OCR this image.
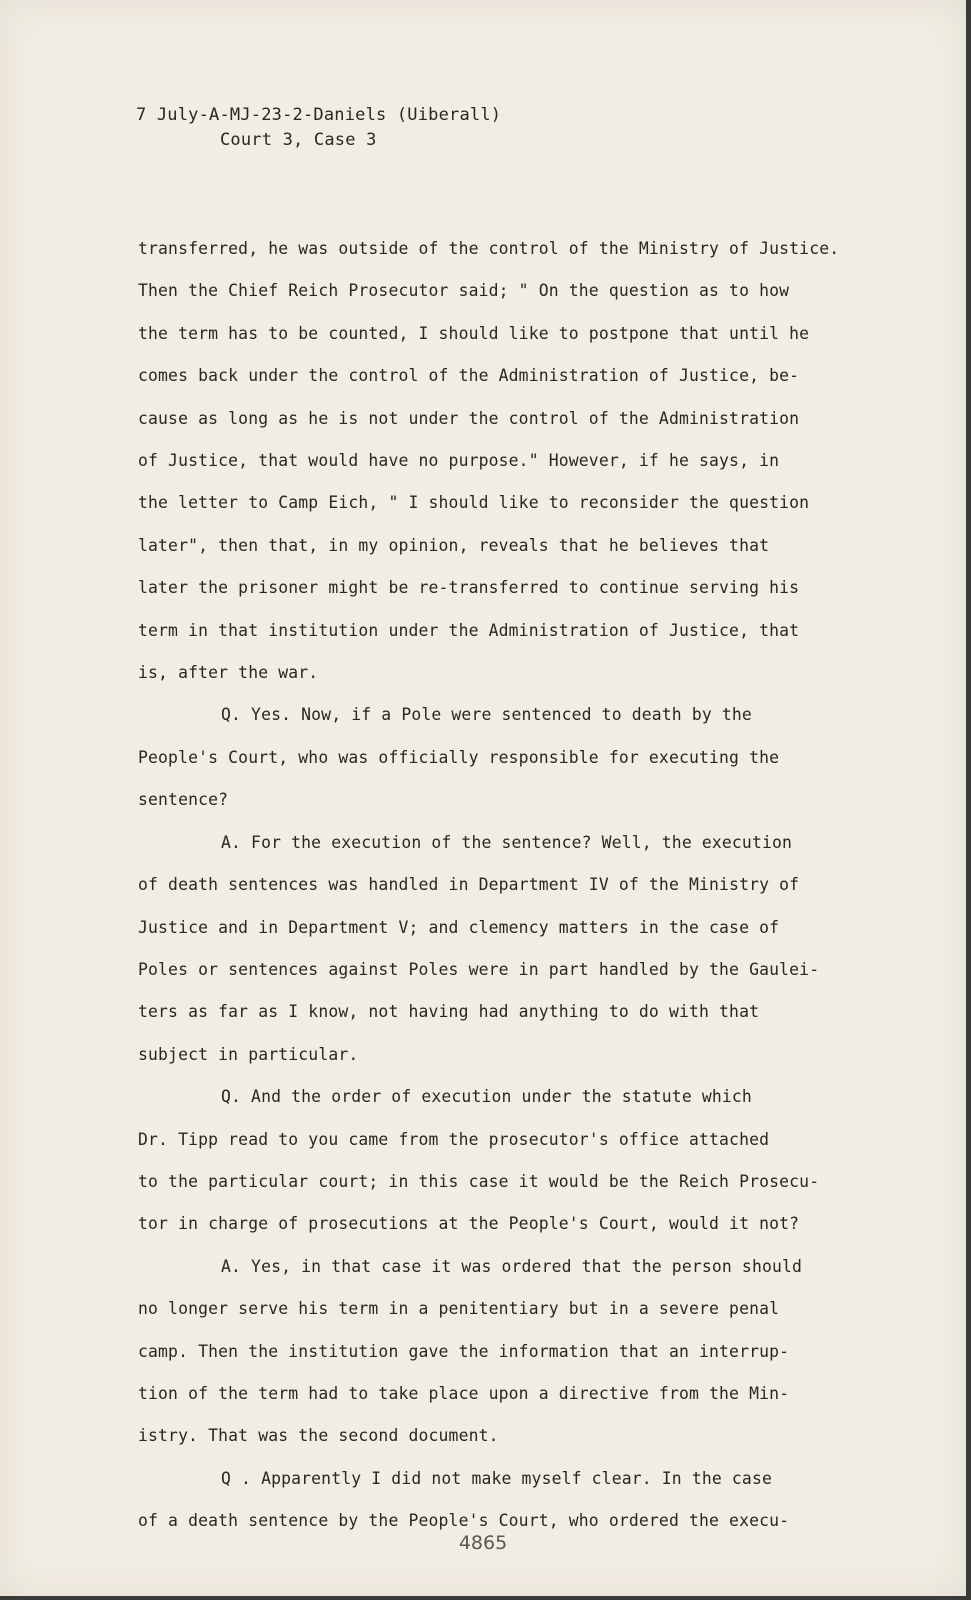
7 July-A-MJ-23-2-Daniels (Uiberall)
Court 3, Case 3
transferred, he was outside of the control of the Ministry of Justice.
Then the Chief Reich Prosecutor said; " On the question as to how
the term has to be counted, I should like to postpone that until he
comes back under the control of the Administration of Justice, be-
cause as long as he is not under the control of the Administration
of Justice, that would have no purpose." However, if he says, in
the letter to Camp Eich, " I should like to reconsider the question
later", then that, in my opinion, reveals that he believes that
later the prisoner might be re-transferred to continue serving his
term in that institution under the Administration of Justice, that
is, after the war.
Q. Yes. Now, if a Pole were sentenced to death by the
People's Court, who was officially responsible for executing the
sentence?
A. For the execution of the sentence? Well, the execution
of death sentences was handled in Department IV of the Ministry of
Justice and in Department V; and clemency matters in the case of
Poles or sentences against Poles were in part handled by the Gaulei-
ters as far as I know, not having had anything to do with that
subject in particular.
Q. And the order of execution under the statute which
Dr. Tipp read to you came from the prosecutor's office attached
to the particular court; in this case it would be the Reich Prosecu-
tor in charge of prosecutions at the People's Court, would it not?
A. Yes, in that case it was ordered that the person should
no longer serve his term in a penitentiary but in a severe penal
camp. Then the institution gave the information that an interrup-
tion of the term had to take place upon a directive from the Min-
istry. That was the second document.
Q . Apparently I did not make myself clear. In the case
of a death sentence by the People's Court, who ordered the execu-
4865
